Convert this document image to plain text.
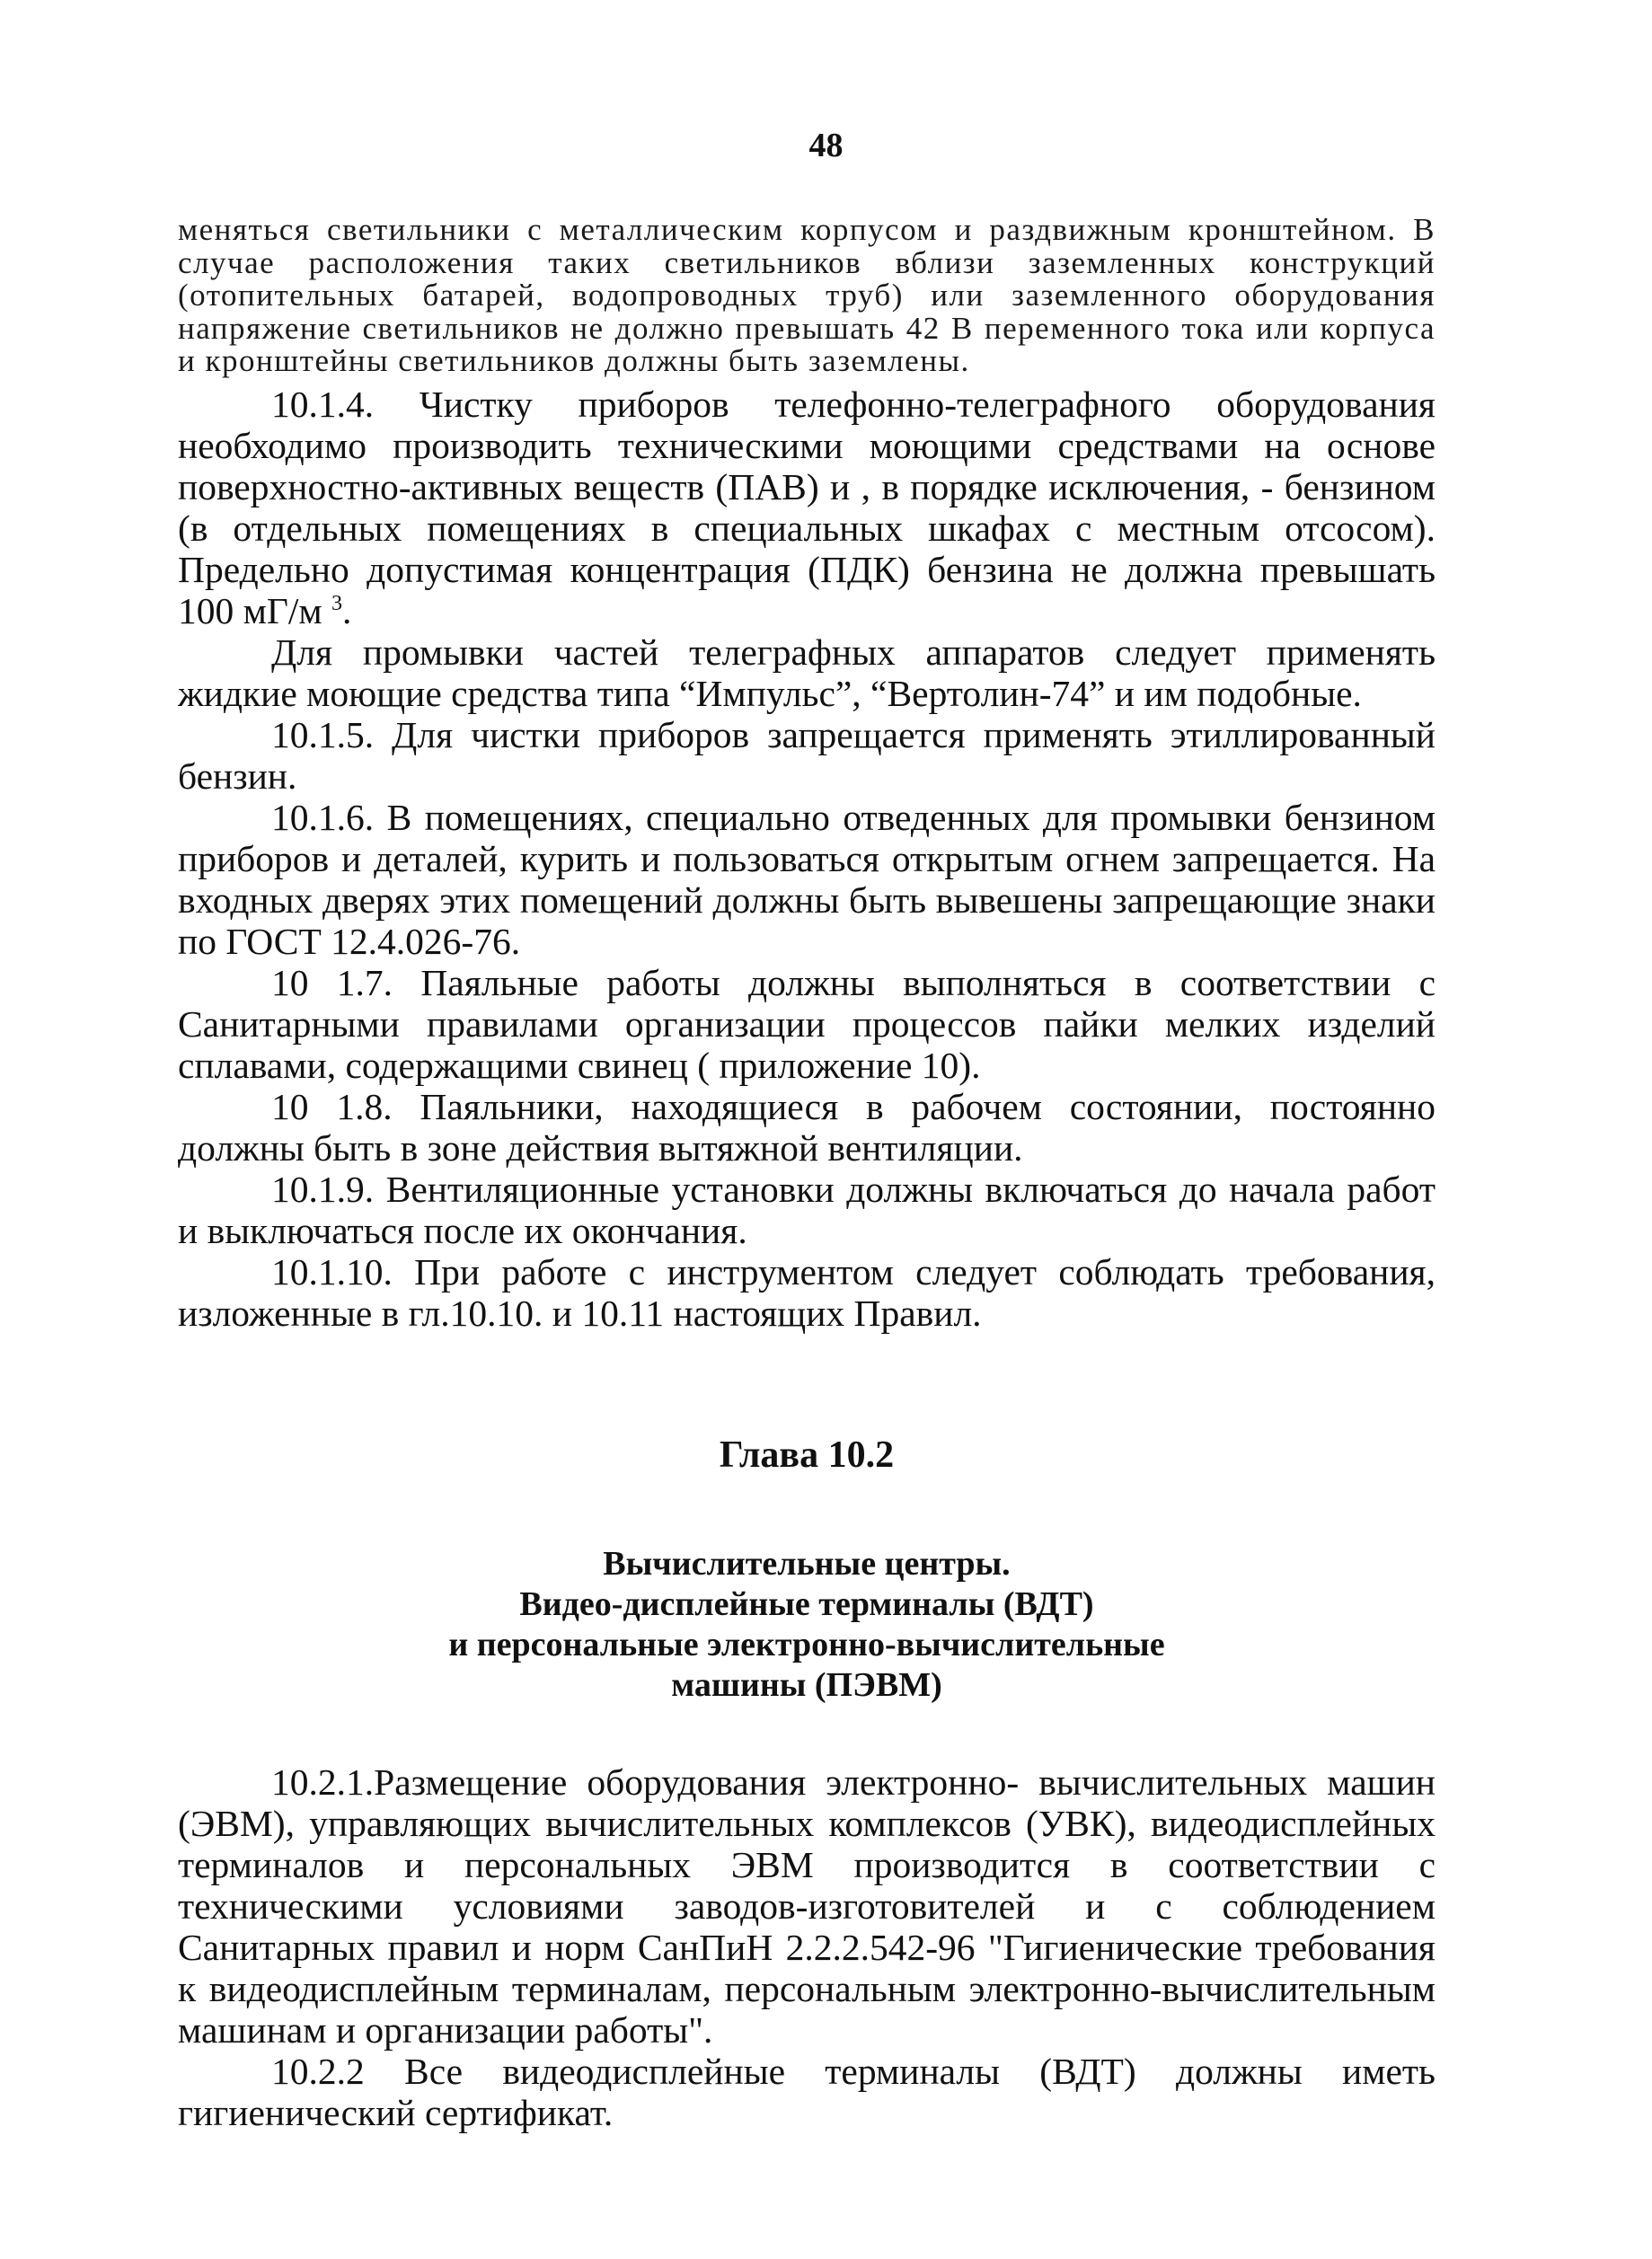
48

меняться светильники с металлическим корпусом и раздвижным кронштейном. В случае расположения таких светильников вблизи заземленных конструкций (отопительных батарей, водопроводных труб) или заземленного оборудования напряжение светильников не должно превышать 42 В переменного тока или корпуса и кронштейны светильников должны быть заземлены.

10.1.4. Чистку приборов телефонно-телеграфного оборудования необходимо производить техническими моющими средствами на основе поверхностно-активных веществ (ПАВ) и , в порядке исключения, - бензином (в отдельных помещениях в специальных шкафах с местным отсосом). Предельно допустимая концентрация (ПДК) бензина не должна превышать 100 мГ/м $^3$.

Для промывки частей телеграфных аппаратов следует применять жидкие моющие средства типа “Импульс”, “Вертолин-74” и им подобные.

10.1.5. Для чистки приборов запрещается применять этиллированный бензин.

10.1.6. В помещениях, специально отведенных для промывки бензином приборов и деталей, курить и пользоваться открытым огнем запрещается. На входных дверях этих помещений должны быть вывешены запрещающие знаки по ГОСТ 12.4.026-76.

10 1.7. Паяльные работы должны выполняться в соответствии с Санитарными правилами организации процессов пайки мелких изделий сплавами, содержащими свинец ( приложение 10).

10 1.8. Паяльники, находящиеся в рабочем состоянии, постоянно должны быть в зоне действия вытяжной вентиляции.

10.1.9. Вентиляционные установки должны включаться до начала работ и выключаться после их окончания.

10.1.10. При работе с инструментом следует соблюдать требования, изложенные в гл.10.10. и 10.11 настоящих Правил.

Глава 10.2
Вычислительные центры.
Видео-дисплейные терминалы (ВДТ)
и персональные электронно-вычислительные
машины (ПЭВМ)

10.2.1.Размещение оборудования электронно- вычислительных машин (ЭВМ), управляющих вычислительных комплексов (УВК), видеодисплейных терминалов и персональных ЭВМ производится в соответствии с техническими условиями заводов-изготовителей и с соблюдением Санитарных правил и норм СанПиН 2.2.2.542-96 "Гигиенические требования к видеодисплейным терминалам, персональным электронно-вычислительным машинам и организации работы".

10.2.2 Все видеодисплейные терминалы (ВДТ) должны иметь гигиенический сертификат.
